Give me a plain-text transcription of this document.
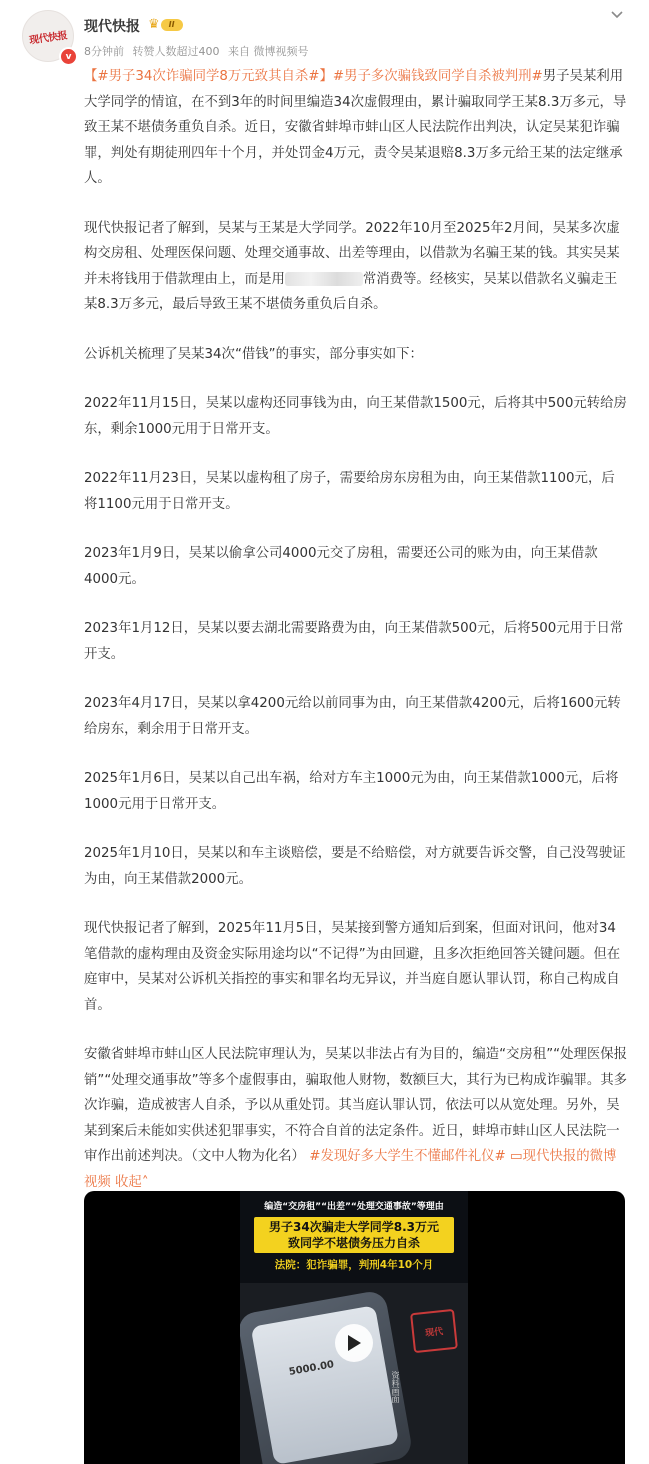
现代快报
v
现代快报 ♛	II
8分钟前 转赞人数超过400 来自 微博视频号

【#男子34次诈骗同学8万元致其自杀#】#男子多次骗钱致同学自杀被判刑#男子吴某利用大学同学的情谊，在不到3年的时间里编造34次虚假理由，累计骗取同学王某8.3万多元，导致王某不堪债务重负自杀。近日，安徽省蚌埠市蚌山区人民法院作出判决，认定吴某犯诈骗罪，判处有期徒刑四年十个月，并处罚金4万元，责令吴某退赔8.3万多元给王某的法定继承人。

现代快报记者了解到，吴某与王某是大学同学。2022年10月至2025年2月间，吴某多次虚构交房租、处理医保问题、处理交通事故、出差等理由，以借款为名骗王某的钱。其实吴某并未将钱用于借款理由上，而是用	常消费等。经核实，吴某以借款名义骗走王某8.3万多元，最后导致王某不堪债务重负后自杀。

公诉机关梳理了吴某34次“借钱”的事实，部分事实如下：

2022年11月15日，吴某以虚构还同事钱为由，向王某借款1500元，后将其中500元转给房东，剩余1000元用于日常开支。

2022年11月23日，吴某以虚构租了房子，需要给房东房租为由，向王某借款1100元，后将1100元用于日常开支。

2023年1月9日，吴某以偷拿公司4000元交了房租，需要还公司的账为由，向王某借款4000元。

2023年1月12日，吴某以要去湖北需要路费为由，向王某借款500元，后将500元用于日常开支。

2023年4月17日，吴某以拿4200元给以前同事为由，向王某借款4200元，后将1600元转给房东，剩余用于日常开支。

2025年1月6日，吴某以自己出车祸，给对方车主1000元为由，向王某借款1000元，后将1000元用于日常开支。

2025年1月10日，吴某以和车主谈赔偿，要是不给赔偿，对方就要告诉交警，自己没驾驶证为由，向王某借款2000元。

现代快报记者了解到，2025年11月5日，吴某接到警方通知后到案，但面对讯问，他对34笔借款的虚构理由及资金实际用途均以“不记得”为由回避，且多次拒绝回答关键问题。但在庭审中，吴某对公诉机关指控的事实和罪名均无异议，并当庭自愿认罪认罚，称自己构成自首。

安徽省蚌埠市蚌山区人民法院审理认为，吴某以非法占有为目的，编造“交房租”“处理医保报销”“处理交通事故”等多个虚假事由，骗取他人财物，数额巨大，其行为已构成诈骗罪。其多次诈骗，造成被害人自杀，予以从重处罚。其当庭认罪认罚，依法可以从宽处理。另外，吴某到案后未能如实供述犯罪事实，不符合自首的法定条件。近日，蚌埠市蚌山区人民法院一审作出前述判决。（文中人物为化名） #发现好多大学生不懂邮件礼仪# ▭现代快报的微博视频 收起˄

编造“交房租”“出差”“处理交通事故”等理由
男子34次骗走大学同学8.3万元
致同学不堪债务压力自杀
法院：犯诈骗罪，判刑4年10个月
5000.00
现代
资料画面
